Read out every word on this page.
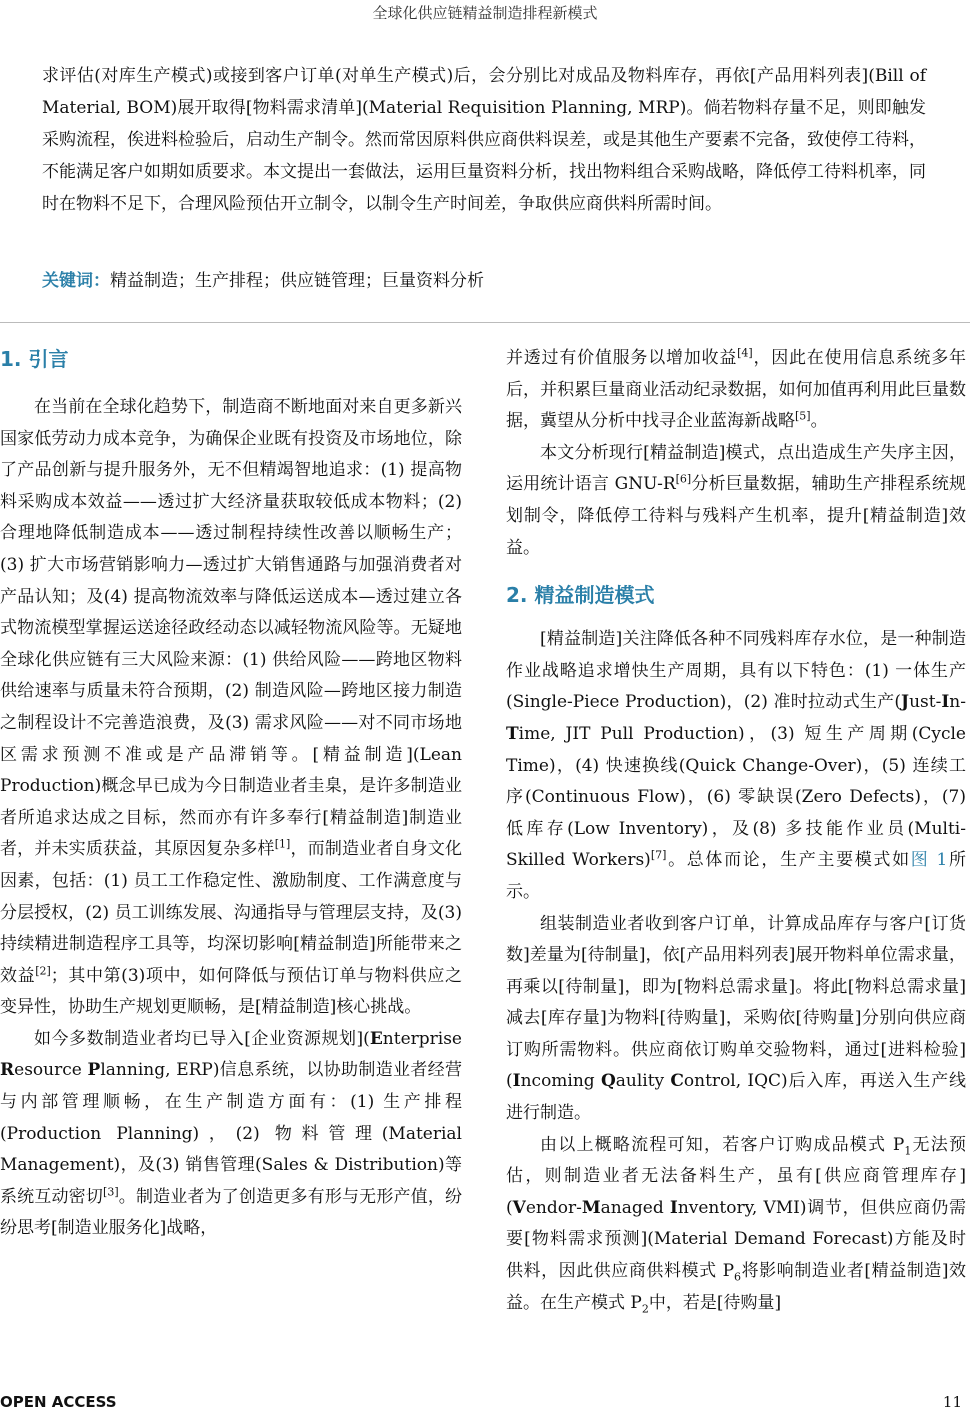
全球化供应链精益制造排程新模式

求评估(对库生产模式)或接到客户订单(对单生产模式)后，会分别比对成品及物料库存，再依[产品用料列表](Bill of Material, BOM)展开取得[物料需求清单](Material Requisition Planning, MRP)。倘若物料存量不足，则即触发采购流程，俟进料检验后，启动生产制令。然而常因原料供应商供料误差，或是其他生产要素不完备，致使停工待料，不能满足客户如期如质要求。本文提出一套做法，运用巨量资料分析，找出物料组合采购战略，降低停工待料机率，同时在物料不足下，合理风险预估开立制令，以制令生产时间差，争取供应商供料所需时间。

关键词：精益制造；生产排程；供应链管理；巨量资料分析
1. 引言

在当前在全球化趋势下，制造商不断地面对来自更多新兴国家低劳动力成本竞争，为确保企业既有投资及市场地位，除了产品创新与提升服务外，无不但精竭智地追求：(1) 提高物料采购成本效益——透过扩大经济量获取较低成本物料；(2) 合理地降低制造成本——透过制程持续性改善以顺畅生产；(3) 扩大市场营销影响力—透过扩大销售通路与加强消费者对产品认知；及(4) 提高物流效率与降低运送成本—透过建立各式物流模型掌握运送途径政经动态以减轻物流风险等。无疑地全球化供应链有三大风险来源：(1) 供给风险——跨地区物料供给速率与质量未符合预期，(2) 制造风险—跨地区接力制造之制程设计不完善造浪费，及(3) 需求风险——对不同市场地区需求预测不准或是产品滞销等。[精益制造](Lean Production)概念早已成为今日制造业者圭臬，是许多制造业者所追求达成之目标，然而亦有许多奉行[精益制造]制造业者，并未实质获益，其原因复杂多样[1]，而制造业者自身文化因素，包括：(1) 员工工作稳定性、激励制度、工作满意度与分层授权，(2) 员工训练发展、沟通指导与管理层支持，及(3) 持续精进制造程序工具等，均深切影响[精益制造]所能带来之效益[2]；其中第(3)项中，如何降低与预估订单与物料供应之变异性，协助生产规划更顺畅，是[精益制造]核心挑战。

如今多数制造业者均已导入[企业资源规划](Enterprise Resource Planning, ERP)信息系统，以协助制造业者经营与内部管理顺畅，在生产制造方面有：(1) 生产排程(Production Planning)，(2) 物料管理(Material Management)，及(3) 销售管理(Sales & Distribution)等系统互动密切[3]。制造业者为了创造更多有形与无形产值，纷纷思考[制造业服务化]战略，

并透过有价值服务以增加收益[4]，因此在使用信息系统多年后，并积累巨量商业活动纪录数据，如何加值再利用此巨量数据，冀望从分析中找寻企业蓝海新战略[5]。

本文分析现行[精益制造]模式，点出造成生产失序主因，运用统计语言 GNU-R[6]分析巨量数据，辅助生产排程系统规划制令，降低停工待料与残料产生机率，提升[精益制造]效益。

2. 精益制造模式

[精益制造]关注降低各种不同残料库存水位，是一种制造作业战略追求增快生产周期，具有以下特色：(1) 一体生产(Single-Piece Production)，(2) 准时拉动式生产(Just-In-Time, JIT Pull Production)，(3) 短生产周期(Cycle Time)，(4) 快速换线(Quick Change-Over)，(5) 连续工序(Continuous Flow)，(6) 零缺误(Zero Defects)，(7) 低库存(Low Inventory)，及(8) 多技能作业员(Multi-Skilled Workers)[7]。总体而论，生产主要模式如图 1所示。

组装制造业者收到客户订单，计算成品库存与客户[订货数]差量为[待制量]，依[产品用料列表]展开物料单位需求量，再乘以[待制量]，即为[物料总需求量]。将此[物料总需求量]减去[库存量]为物料[待购量]，采购依[待购量]分别向供应商订购所需物料。供应商依订购单交验物料，通过[进料检验](Incoming Qaulity Control, IQC)后入库，再送入生产线进行制造。

由以上概略流程可知，若客户订购成品模式 $P_1$无法预估，则制造业者无法备料生产，虽有[供应商管理库存](Vendor-Managed Inventory, VMI)调节，但供应商仍需要[物料需求预测](Material Demand Forecast)方能及时供料，因此供应商供料模式 $P_6$将影响制造业者[精益制造]效益。在生产模式 $P_2$中，若是[待购量]

OPEN ACCESS	11
